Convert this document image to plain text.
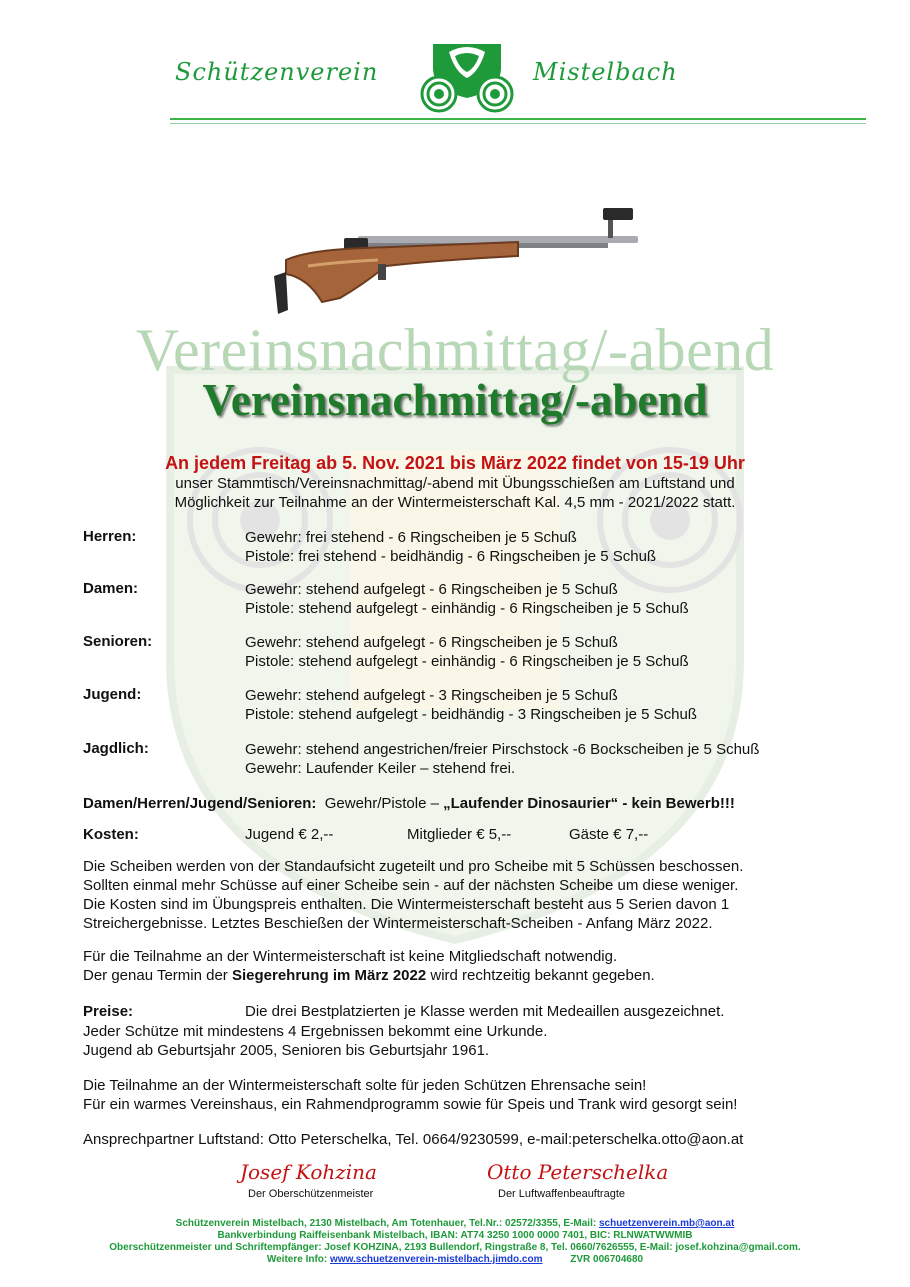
Schützenverein	Mistelbach
Vereinsnachmittag/-abend
Vereinsnachmittag/-abend
An jedem Freitag ab 5. Nov. 2021 bis März 2022 findet von 15-19 Uhr
unser Stammtisch/Vereinsnachmittag/-abend mit Übungsschießen am Luftstand und
Möglichkeit zur Teilnahme an der Wintermeisterschaft Kal. 4,5 mm - 2021/2022 statt.
Herren:	Gewehr: frei stehend - 6 Ringscheiben je 5 Schuß
Pistole: frei stehend - beidhändig - 6 Ringscheiben je 5 Schuß
Damen:	Gewehr: stehend aufgelegt - 6 Ringscheiben je 5 Schuß
Pistole: stehend aufgelegt - einhändig - 6 Ringscheiben je 5 Schuß
Senioren:	Gewehr: stehend aufgelegt - 6 Ringscheiben je 5 Schuß
Pistole: stehend aufgelegt - einhändig - 6 Ringscheiben je 5 Schuß
Jugend:	Gewehr: stehend aufgelegt - 3 Ringscheiben je 5 Schuß
Pistole: stehend aufgelegt - beidhändig - 3 Ringscheiben je 5 Schuß
Jagdlich:	Gewehr: stehend angestrichen/freier Pirschstock -6 Bockscheiben je 5 Schuß
Gewehr: Laufender Keiler – stehend frei.
Damen/Herren/Jugend/Senioren: Gewehr/Pistole – „Laufender Dinosaurier“ - kein Bewerb!!!
Kosten:	Jugend € 2,--	Mitglieder € 5,--	Gäste € 7,--
Die Scheiben werden von der Standaufsicht zugeteilt und pro Scheibe mit 5 Schüssen beschossen.
Sollten einmal mehr Schüsse auf einer Scheibe sein - auf der nächsten Scheibe um diese weniger.
Die Kosten sind im Übungspreis enthalten. Die Wintermeisterschaft besteht aus 5 Serien davon 1
Streichergebnisse. Letztes Beschießen der Wintermeisterschaft-Scheiben - Anfang März 2022.
Für die Teilnahme an der Wintermeisterschaft ist keine Mitgliedschaft notwendig.
Der genau Termin der Siegerehrung im März 2022 wird rechtzeitig bekannt gegeben.
Preise:	Die drei Bestplatzierten je Klasse werden mit Medeaillen ausgezeichnet.
Jeder Schütze mit mindestens 4 Ergebnissen bekommt eine Urkunde.
Jugend ab Geburtsjahr 2005, Senioren bis Geburtsjahr 1961.
Die Teilnahme an der Wintermeisterschaft solte für jeden Schützen Ehrensache sein!
Für ein warmes Vereinshaus, ein Rahmendprogramm sowie für Speis und Trank wird gesorgt sein!
Ansprechpartner Luftstand: Otto Peterschelka, Tel. 0664/9230599, e-mail:peterschelka.otto@aon.at
Josef Kohzina
Der Oberschützenmeister
Otto Peterschelka
Der Luftwaffenbeauftragte
Schützenverein Mistelbach, 2130 Mistelbach, Am Totenhauer, Tel.Nr.: 02572/3355, E-Mail: schuetzenverein.mb@aon.at
Bankverbindung Raiffeisenbank Mistelbach, IBAN: AT74 3250 1000 0000 7401, BIC: RLNWATWWMIB
Oberschützenmeister und Schriftempfänger: Josef KOHZINA, 2193 Bullendorf, Ringstraße 8, Tel. 0660/7626555, E-Mail: josef.kohzina@gmail.com.
Weitere Info: www.schuetzenverein-mistelbach.jimdo.com	ZVR 006704680
